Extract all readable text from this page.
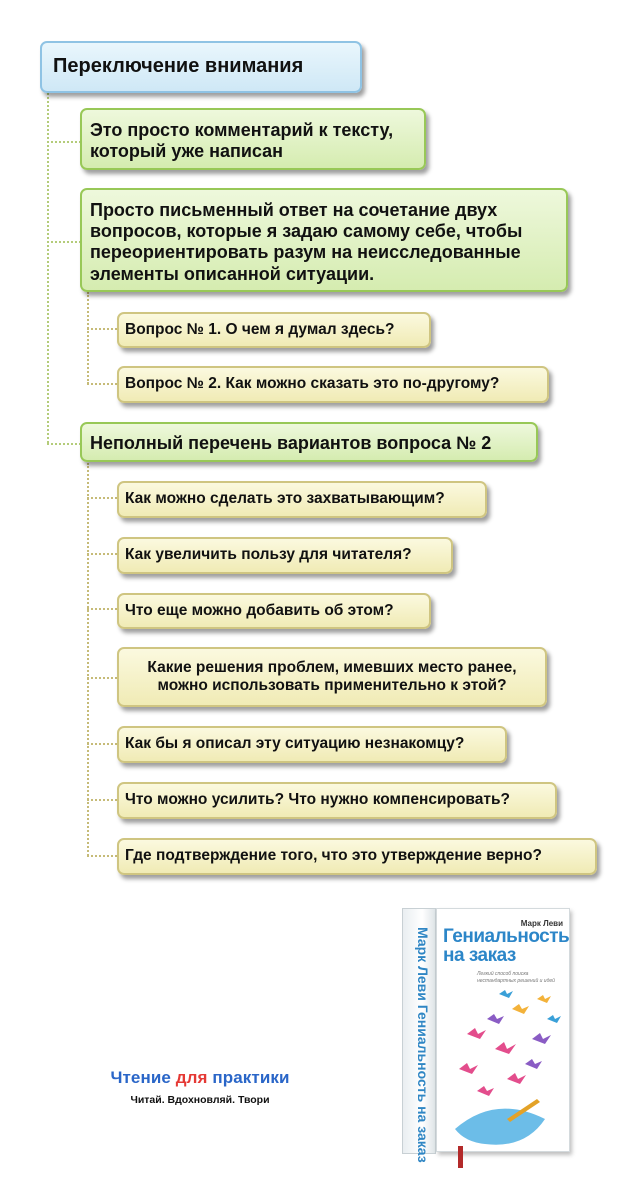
Переключение внимания
Это просто комментарий к тексту, который уже написан
Просто письменный ответ на сочетание двух вопросов, которые я задаю самому себе, чтобы переориентировать разум на неисследованные элементы описанной ситуации.
Вопрос № 1. О чем я думал здесь?
Вопрос № 2. Как можно сказать это по-другому?
Неполный перечень вариантов вопроса № 2
Как можно сделать это захватывающим?
Как увеличить пользу для читателя?
Что еще можно добавить об этом?
Какие решения проблем, имевших место ранее, можно использовать применительно к этой?
Как бы я описал эту ситуацию незнакомцу?
Что можно усилить? Что нужно компенсировать?
Где подтверждение того, что это утверждение верно?
Марк Леви Гениальность на заказ
Марк Леви
Гениальность на заказ
Легкий способ поиска нестандартных решений и идей
Чтение для практики
Читай. Вдохновляй. Твори
